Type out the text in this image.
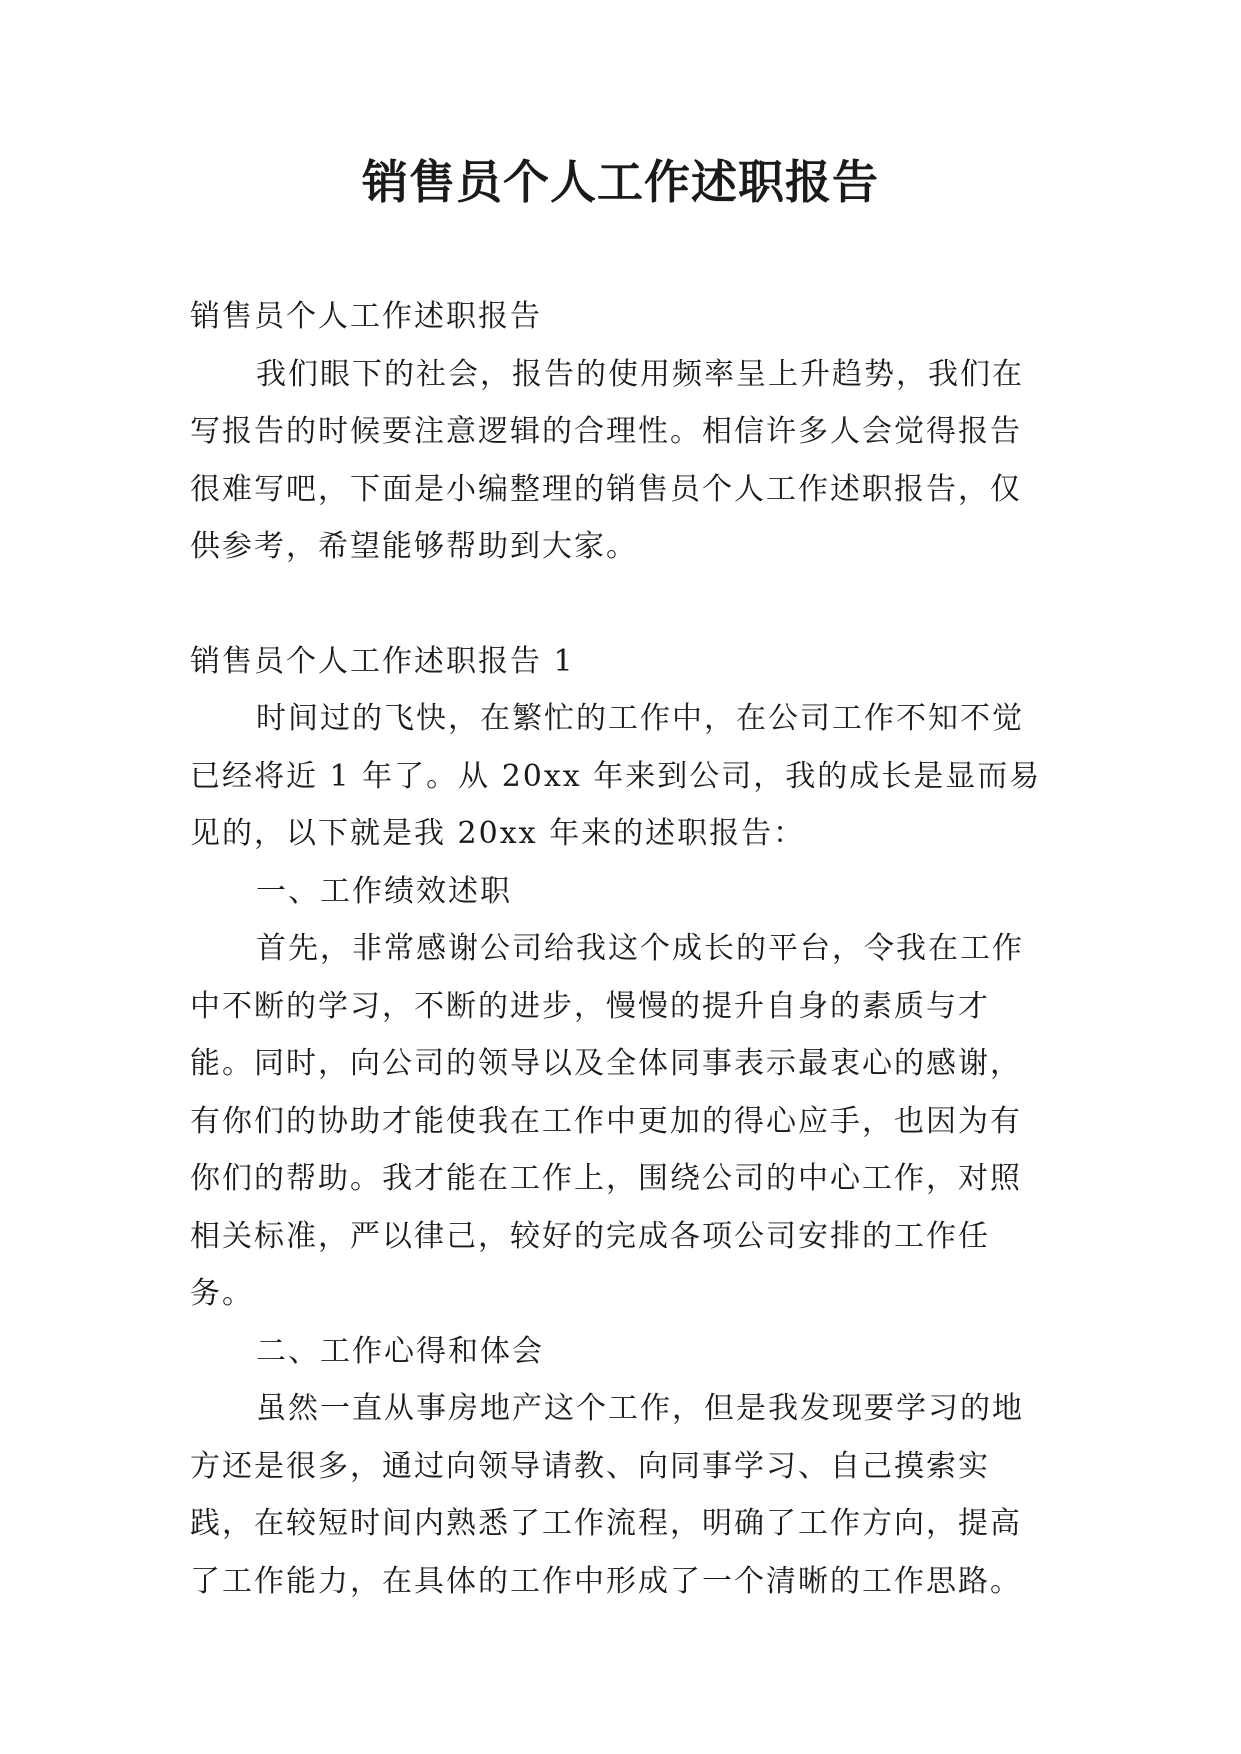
销售员个人工作述职报告

销售员个人工作述职报告

我们眼下的社会，报告的使用频率呈上升趋势，我们在写报告的时候要注意逻辑的合理性。相信许多人会觉得报告很难写吧，下面是小编整理的销售员个人工作述职报告，仅供参考，希望能够帮助到大家。

销售员个人工作述职报告 1

时间过的飞快，在繁忙的工作中，在公司工作不知不觉已经将近 1 年了。从 20xx 年来到公司，我的成长是显而易见的，以下就是我 20xx 年来的述职报告：

一、工作绩效述职

首先，非常感谢公司给我这个成长的平台，令我在工作中不断的学习，不断的进步，慢慢的提升自身的素质与才能。同时，向公司的领导以及全体同事表示最衷心的感谢，有你们的协助才能使我在工作中更加的得心应手，也因为有你们的帮助。我才能在工作上，围绕公司的中心工作，对照相关标准，严以律己，较好的完成各项公司安排的工作任务。

二、工作心得和体会

虽然一直从事房地产这个工作，但是我发现要学习的地方还是很多，通过向领导请教、向同事学习、自己摸索实践，在较短时间内熟悉了工作流程，明确了工作方向，提高了工作能力，在具体的工作中形成了一个清晰的工作思路。
